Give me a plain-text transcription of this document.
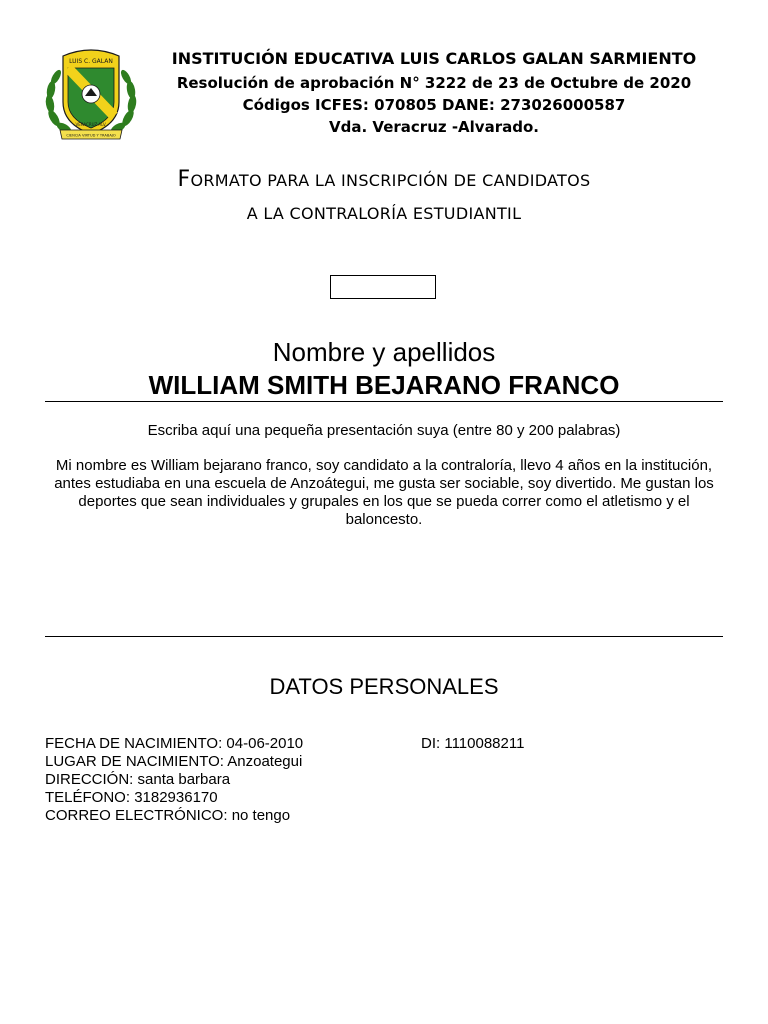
LUIS C. GALAN
VERACRUZ ALV.
CIENCIA VIRTUD Y TRABAJO
INSTITUCIÓN EDUCATIVA LUIS CARLOS GALAN SARMIENTO
Resolución de aprobación N° 3222 de 23 de Octubre de 2020
Códigos ICFES: 070805 DANE: 273026000587
Vda. Veracruz -Alvarado.
FORMATO PARA LA INSCRIPCIÓN DE CANDIDATOS
A LA CONTRALORÍA ESTUDIANTIL
Nombre y apellidos
WILLIAM SMITH BEJARANO FRANCO
Escriba aquí una pequeña presentación suya (entre 80 y 200 palabras)
Mi nombre es William bejarano franco, soy candidato a la contraloría, llevo 4 años en la institución, antes estudiaba en una escuela de Anzoátegui, me gusta ser sociable, soy divertido. Me gustan los deportes que sean individuales y grupales en los que se pueda correr como el atletismo y el baloncesto.
DATOS PERSONALES
FECHA DE NACIMIENTO: 04-06-2010
LUGAR DE NACIMIENTO: Anzoategui
DIRECCIÓN: santa barbara
TELÉFONO: 3182936170
CORREO ELECTRÓNICO: no tengo
DI: 1110088211
